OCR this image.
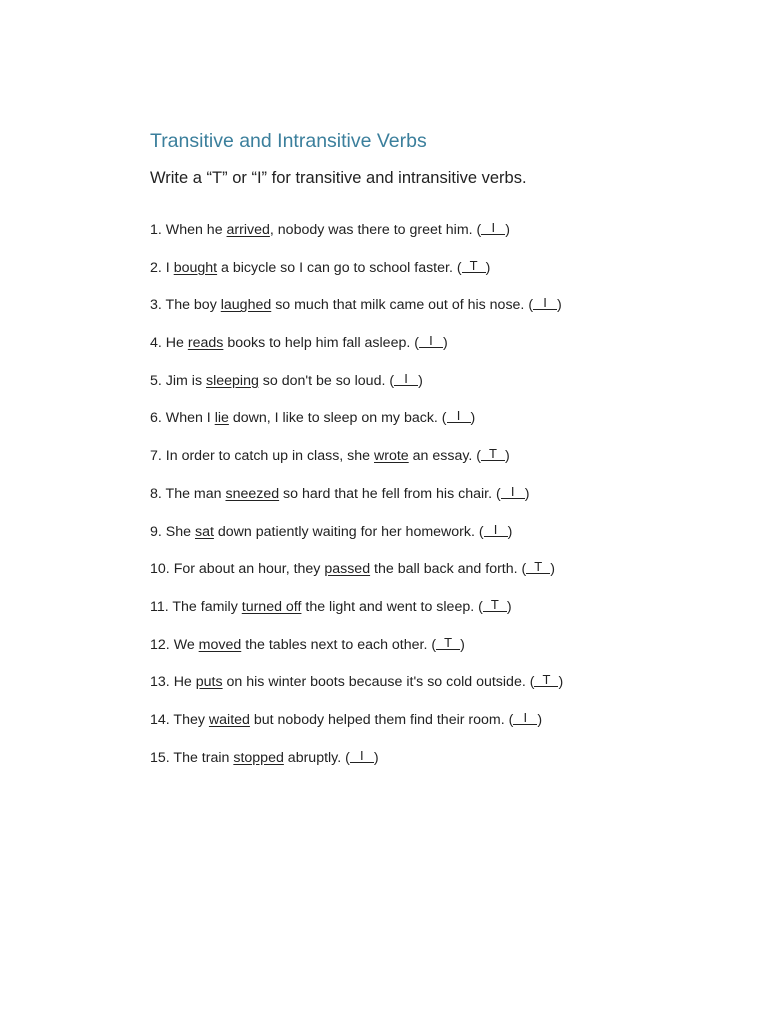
Transitive and Intransitive Verbs

Write a “T” or “I” for transitive and intransitive verbs.

1. When he arrived, nobody was there to greet him. ( I )
2. I bought a bicycle so I can go to school faster. ( T )
3. The boy laughed so much that milk came out of his nose. ( I )
4. He reads books to help him fall asleep. ( I )
5. Jim is sleeping so don't be so loud. ( I )
6. When I lie down, I like to sleep on my back. ( I )
7. In order to catch up in class, she wrote an essay. ( T )
8. The man sneezed so hard that he fell from his chair. ( I )
9. She sat down patiently waiting for her homework. ( I )
10. For about an hour, they passed the ball back and forth. ( T )
11. The family turned off the light and went to sleep. ( T )
12. We moved the tables next to each other. ( T )
13. He puts on his winter boots because it's so cold outside. ( T )
14. They waited but nobody helped them find their room. ( I )
15. The train stopped abruptly. ( I )
